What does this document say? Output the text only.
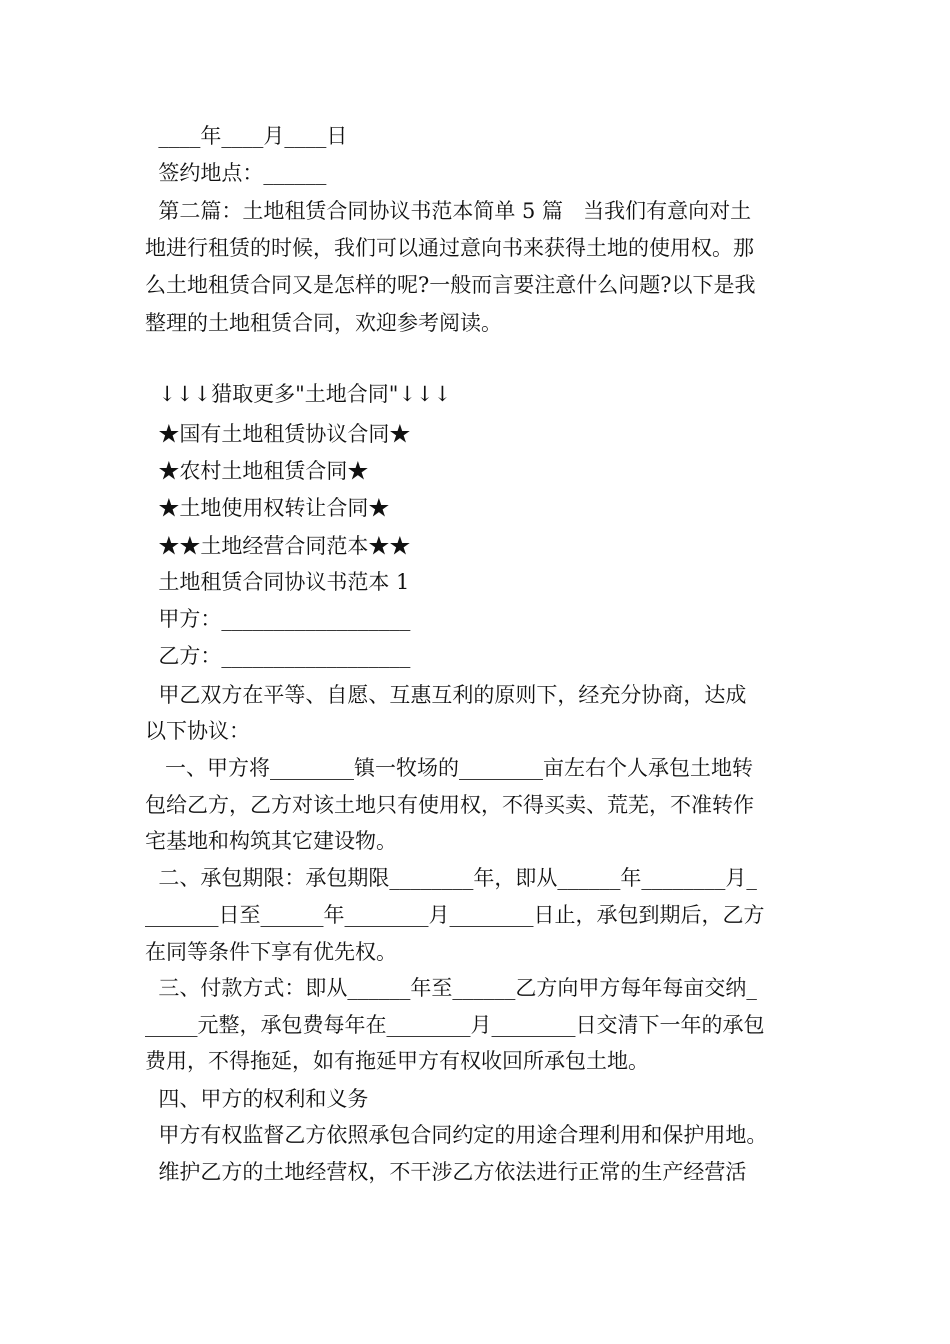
____年____月____日
签约地点：______
第二篇：土地租赁合同协议书范本简单 5 篇   当我们有意向对土
地进行租赁的时候，我们可以通过意向书来获得土地的使用权。那
么土地租赁合同又是怎样的呢?一般而言要注意什么问题?以下是我
整理的土地租赁合同，欢迎参考阅读。
↓↓↓猎取更多"土地合同"↓↓↓
★国有土地租赁协议合同★
★农村土地租赁合同★
★土地使用权转让合同★
★★土地经营合同范本★★
土地租赁合同协议书范本 1
甲方：__________________
乙方：__________________
甲乙双方在平等、自愿、互惠互利的原则下，经充分协商，达成
以下协议：
一、甲方将________镇一牧场的________亩左右个人承包土地转
包给乙方，乙方对该土地只有使用权，不得买卖、荒芜，不准转作
宅基地和构筑其它建设物。
二、承包期限：承包期限________年，即从______年________月_
_______日至______年________月________日止，承包到期后，乙方
在同等条件下享有优先权。
三、付款方式：即从______年至______乙方向甲方每年每亩交纳_
_____元整，承包费每年在________月________日交清下一年的承包
费用，不得拖延，如有拖延甲方有权收回所承包土地。
四、甲方的权利和义务
甲方有权监督乙方依照承包合同约定的用途合理利用和保护用地。
维护乙方的土地经营权，不干涉乙方依法进行正常的生产经营活
